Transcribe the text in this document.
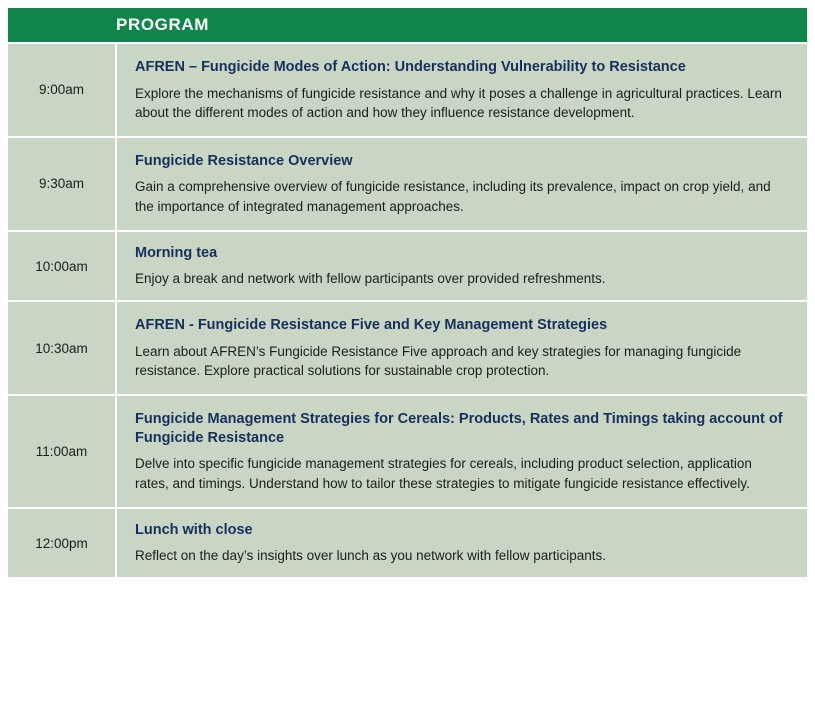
	PROGRAM
9:00am	AFREN – Fungicide Modes of Action: Understanding Vulnerability to Resistance

Explore the mechanisms of fungicide resistance and why it poses a challenge in agricultural practices. Learn about the different modes of action and how they influence resistance development.

9:30am	Fungicide Resistance Overview

Gain a comprehensive overview of fungicide resistance, including its prevalence, impact on crop yield, and the importance of integrated management approaches.

10:00am	Morning tea

Enjoy a break and network with fellow participants over provided refreshments.

10:30am	AFREN - Fungicide Resistance Five and Key Management Strategies

Learn about AFREN’s Fungicide Resistance Five approach and key strategies for managing fungicide resistance. Explore practical solutions for sustainable crop protection.

11:00am	Fungicide Management Strategies for Cereals: Products, Rates and Timings taking account of Fungicide Resistance

Delve into specific fungicide management strategies for cereals, including product selection, application rates, and timings. Understand how to tailor these strategies to mitigate fungicide resistance effectively.

12:00pm	Lunch with close

Reflect on the day’s insights over lunch as you network with fellow participants.
